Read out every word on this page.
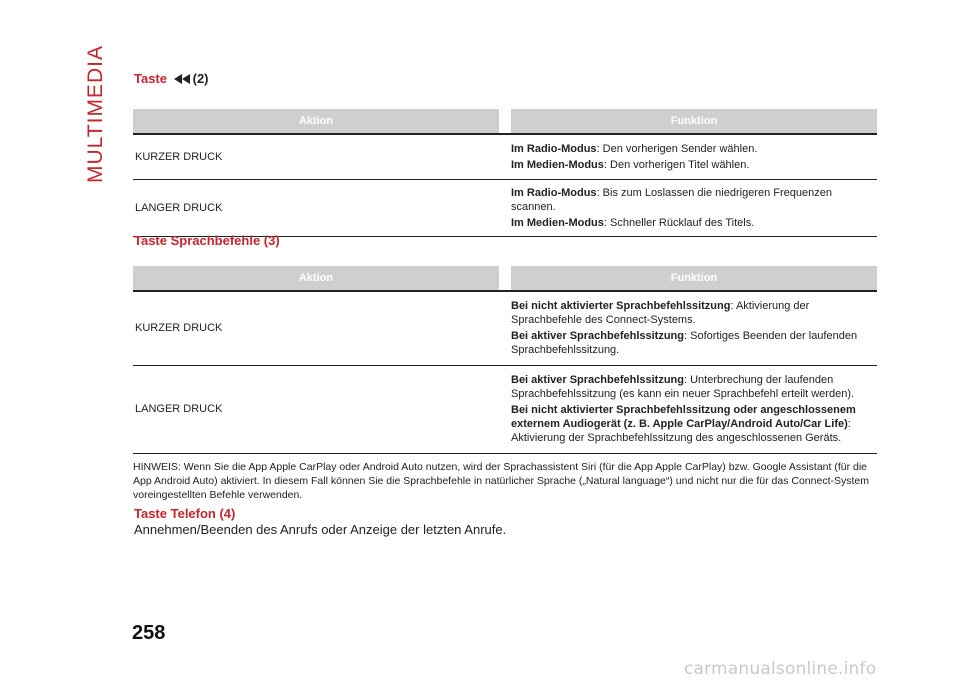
MULTIMEDIA Taste (2)
Aktion		Funktion
KURZER DRUCK		Im Radio-Modus: Den vorherigen Sender wählen.
Im Medien-Modus: Den vorherigen Titel wählen.

LANGER DRUCK		Im Radio-Modus: Bis zum Loslassen die niedrigeren Frequenzen scannen.
Im Medien-Modus: Schneller Rücklauf des Titels.
Taste Sprachbefehle (3)
Aktion		Funktion
KURZER DRUCK		Bei nicht aktivierter Sprachbefehlssitzung: Aktivierung der Sprachbefehle des Connect-Systems.
Bei aktiver Sprachbefehlssitzung: Sofortiges Beenden der laufenden Sprachbefehlssitzung.

LANGER DRUCK		Bei aktiver Sprachbefehlssitzung: Unterbrechung der laufenden Sprachbefehlssitzung (es kann ein neuer Sprachbefehl erteilt werden).
Bei nicht aktivierter Sprachbefehlssitzung oder angeschlossenem externem Audiogerät (z. B. Apple CarPlay/Android Auto/Car Life): Aktivierung der Sprachbefehlssitzung des angeschlossenen Geräts.
HINWEIS: Wenn Sie die App Apple CarPlay oder Android Auto nutzen, wird der Sprachassistent Siri (für die App Apple CarPlay) bzw. Google Assistant (für die App Android Auto) aktiviert. In diesem Fall können Sie die Sprachbefehle in natürlicher Sprache („Natural language“) und nicht nur die für das Connect-System voreingestellten Befehle verwenden.
Taste Telefon (4)
Annehmen/Beenden des Anrufs oder Anzeige der letzten Anrufe.
258
carmanualsonline.info
